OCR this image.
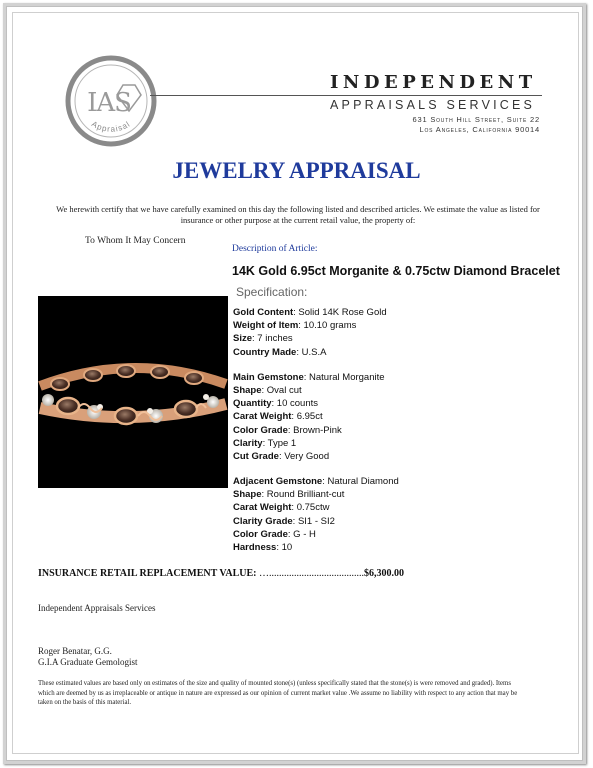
IAS
Appraisal
INDEPENDENT
APPRAISALS SERVICES
631 South Hill Street, Suite 22
Los Angeles, California 90014
JEWELRY APPRAISAL
We herewith certify that we have carefully examined on this day the following listed and described articles. We estimate the value as listed for insurance or other purpose at the current retail value, the property of:
To Whom It May Concern
Description of Article:
14K Gold 6.95ct Morganite & 0.75ctw Diamond Bracelet
Specification:
Gold Content: Solid 14K Rose Gold
Weight of Item: 10.10 grams
Size: 7 inches
Country Made: U.S.A
Main Gemstone: Natural Morganite
Shape: Oval cut
Quantity: 10 counts
Carat Weight: 6.95ct
Color Grade: Brown-Pink
Clarity: Type 1
Cut Grade: Very Good
Adjacent Gemstone: Natural Diamond
Shape: Round Brilliant-cut
Carat Weight: 0.75ctw
Clarity Grade: SI1 - SI2
Color Grade: G - H
Hardness: 10
INSURANCE RETAIL REPLACEMENT VALUE: …......................................$6,300.00
Independent Appraisals Services
Roger Benatar, G.G.
G.I.A Graduate Gemologist
These estimated values are based only on estimates of the size and quality of mounted stone(s) (unless specifically stated that the stone(s) is were removed and graded). Items which are deemed by us as irreplaceable or antique in nature are expressed as our opinion of current market value .We assume no liability with respect to any action that may be taken on the basis of this material.
